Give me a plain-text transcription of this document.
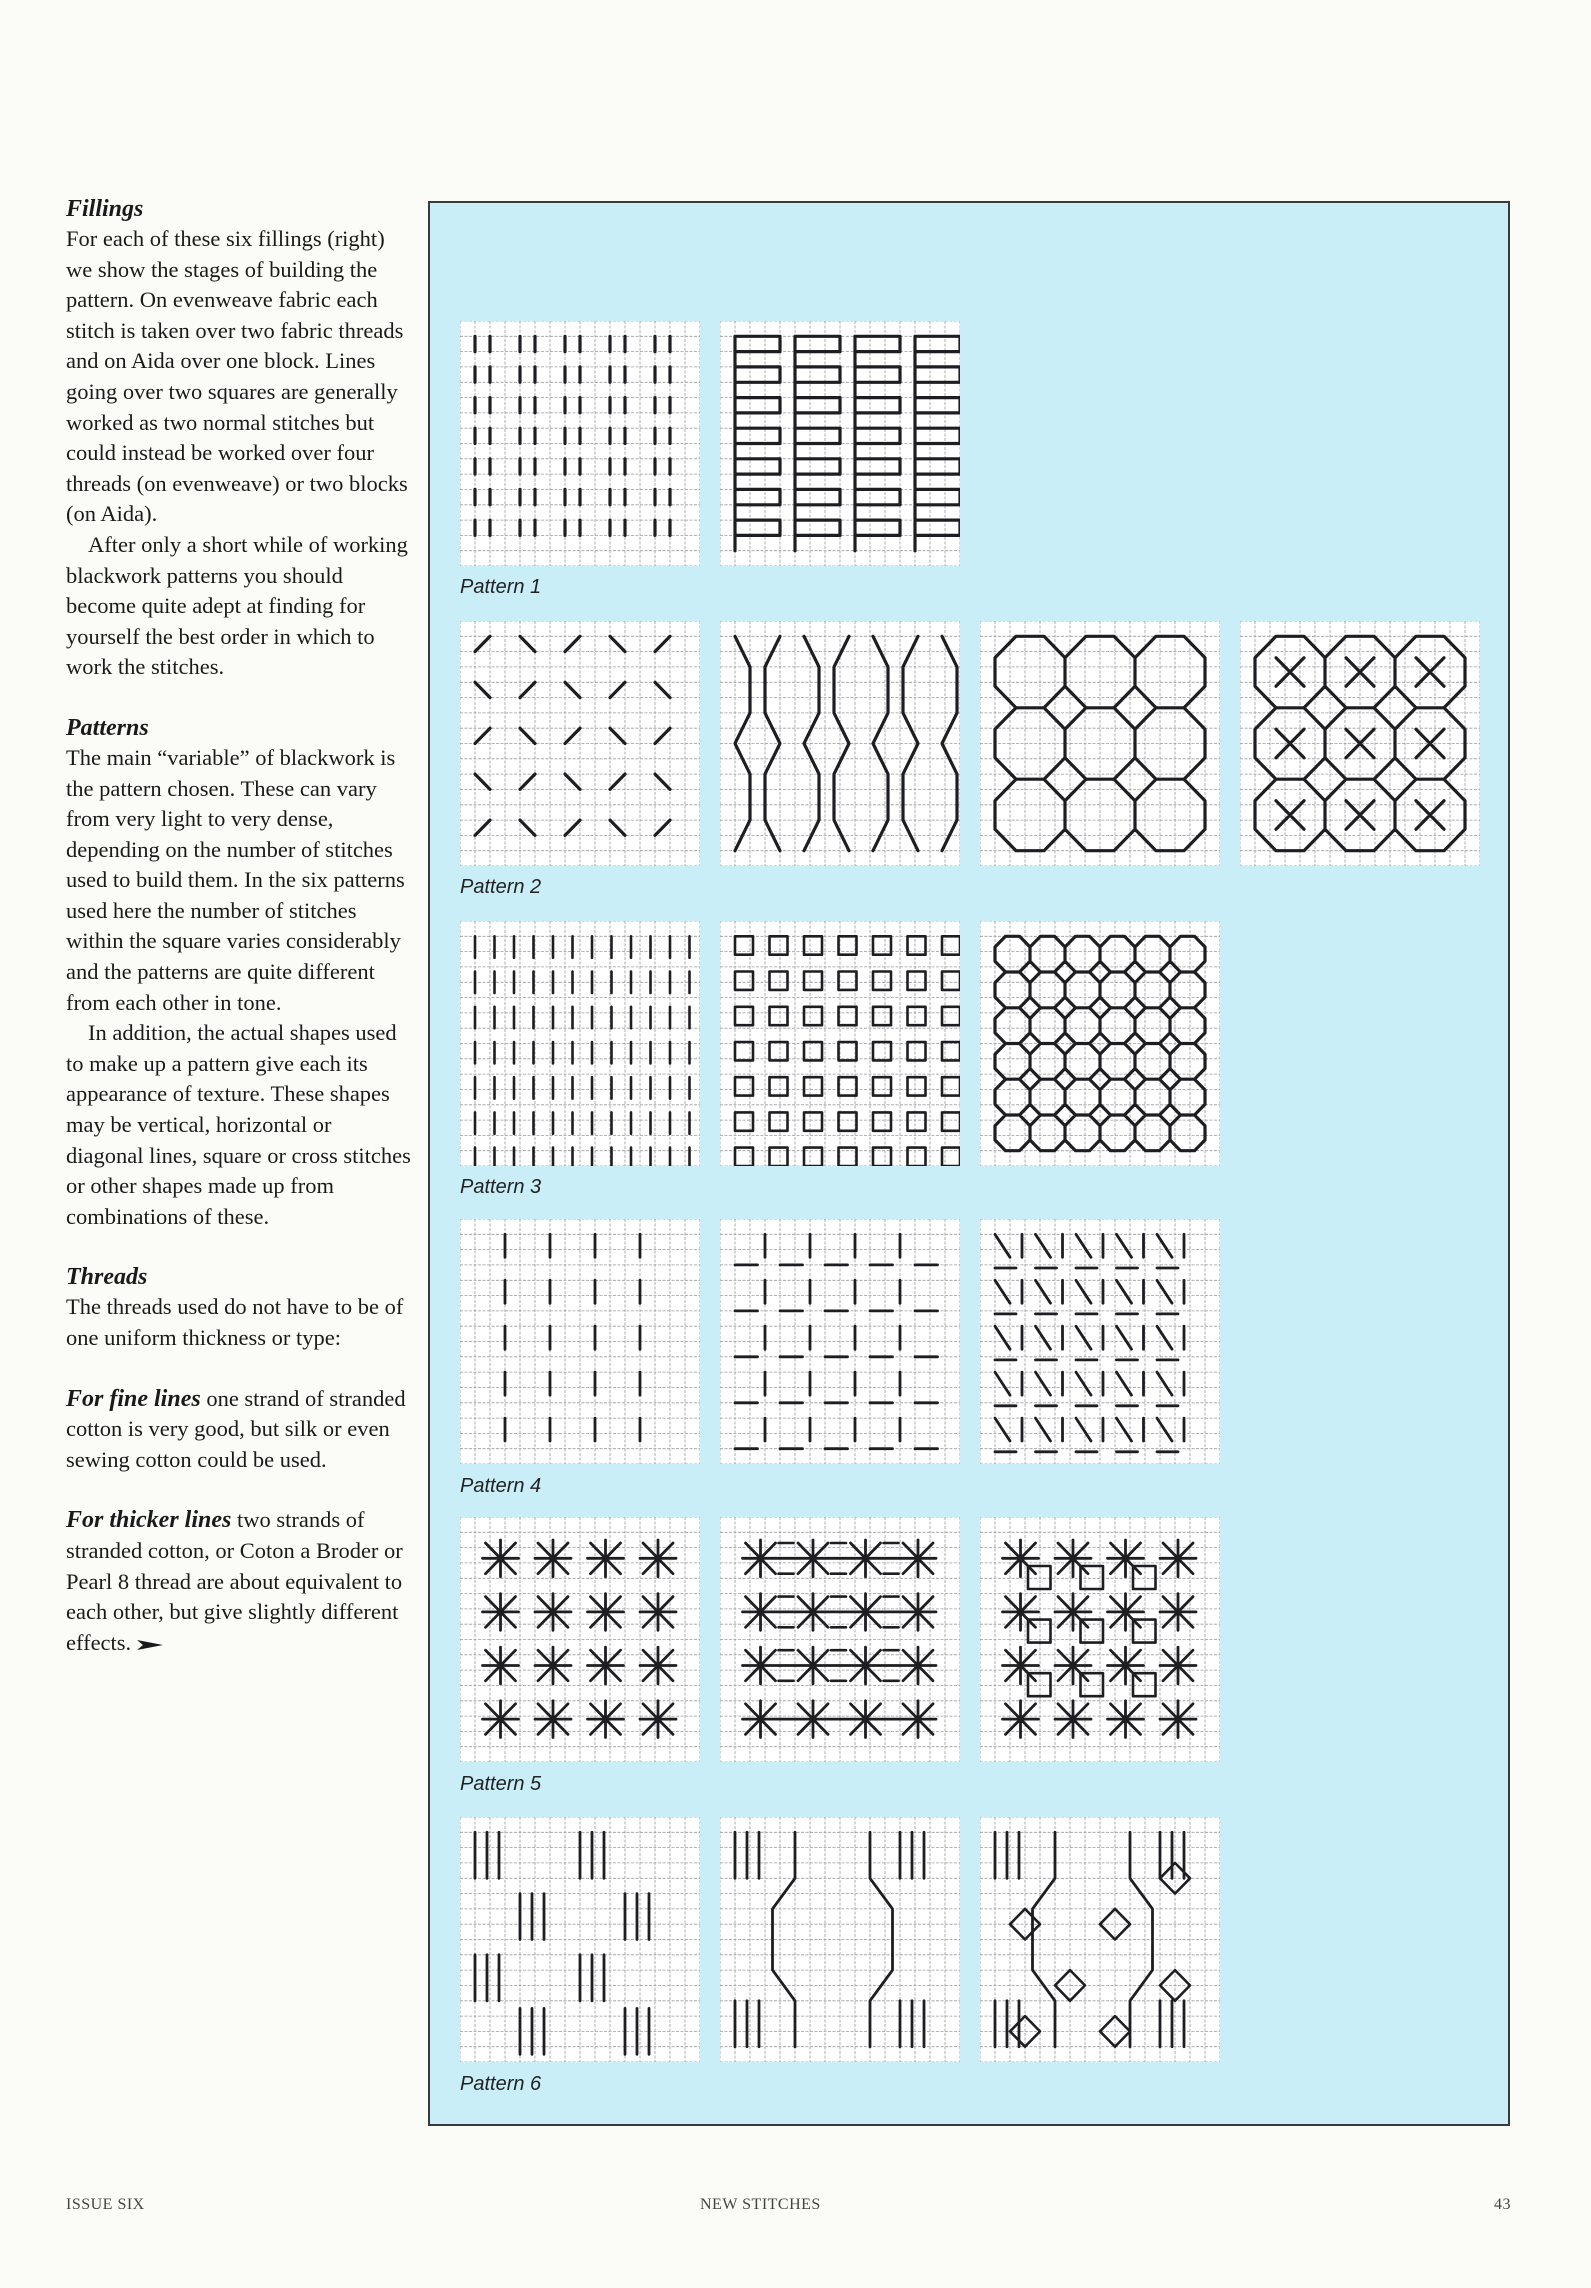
Fillings

For each of these six fillings (right) we show the stages of building the pattern. On evenweave fabric each stitch is taken over two fabric threads and on Aida over one block. Lines going over two squares are generally worked as two normal stitches but could instead be worked over four threads (on evenweave) or two blocks (on Aida).

After only a short while of working blackwork patterns you should become quite adept at finding for yourself the best order in which to work the stitches.

Patterns

The main “variable” of blackwork is the pattern chosen. These can vary from very light to very dense, depending on the number of stitches used to build them. In the six patterns used here the number of stitches within the square varies considerably and the patterns are quite different from each other in tone.

In addition, the actual shapes used to make up a pattern give each its appearance of texture. These shapes may be vertical, horizontal or diagonal lines, square or cross stitches or other shapes made up from combinations of these.

Threads

The threads used do not have to be of one uniform thickness or type:

For fine lines one strand of stranded cotton is very good, but silk or even sewing cotton could be used.

For thicker lines two strands of stranded cotton, or Coton a Broder or Pearl 8 thread are about equivalent to each other, but give slightly different effects.

Pattern 1
Pattern 2
Pattern 3
Pattern 4
Pattern 5
Pattern 6
ISSUE SIX	NEW STITCHES	43
